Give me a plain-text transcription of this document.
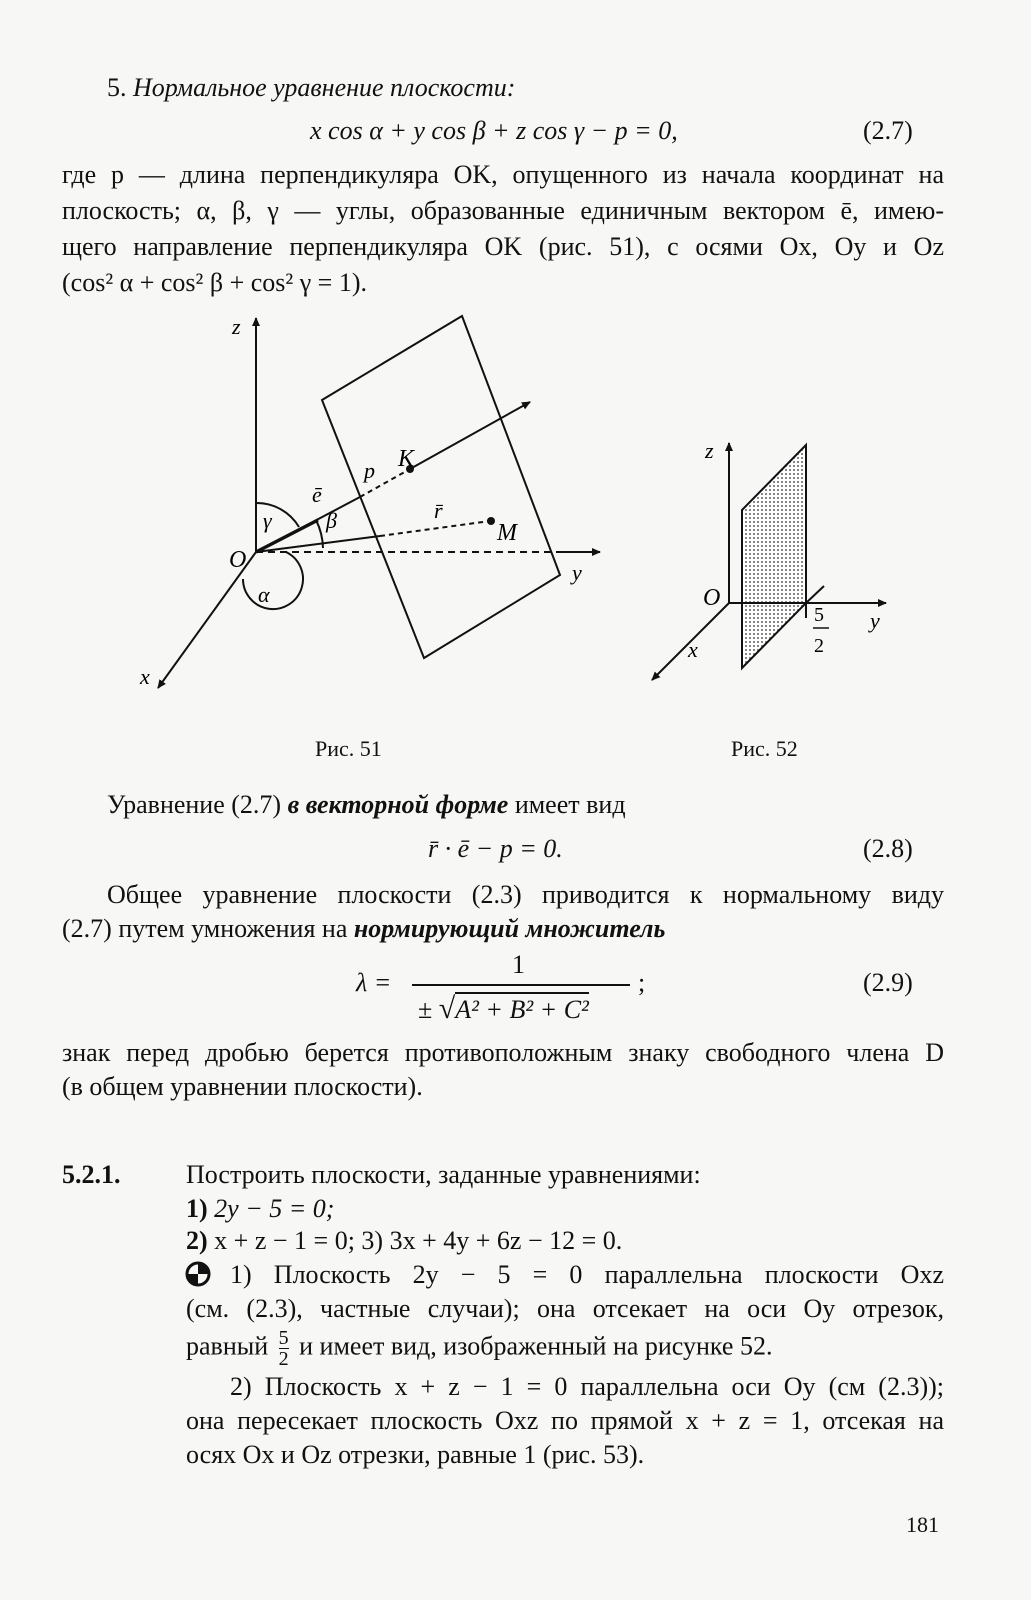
5. Нормальное уравнение плоскости:
x cos α + y cos β + z cos γ − p = 0,	(2.7)
где p — длина перпендикуляра OK, опущенного из начала координат на
плоскость; α, β, γ — углы, образованные единичным вектором ē, имею-
щего направление перпендикуляра OK (рис. 51), с осями Ox, Oy и Oz
(cos² α + cos² β + cos² γ = 1).
z
y
x
O
K
M
p
ē
r̄
γ β
α
z
y
x
O
5
2
Рис. 51	Рис. 52
Уравнение (2.7) в векторной форме имеет вид
r̄ · ē − p = 0.	(2.8)
Общее уравнение плоскости (2.3) приводится к нормальному виду
(2.7) путем умножения на нормирующий множитель
λ =
1
± √A² + B² + C²
;	(2.9)
знак перед дробью берется противоположным знаку свободного члена D
(в общем уравнении плоскости).
5.2.1.	Построить плоскости, заданные уравнениями:
1) 2y − 5 = 0;
2) x + z − 1 = 0; 3) 3x + 4y + 6z − 12 = 0.
1) Плоскость 2y − 5 = 0 параллельна плоскости Oxz
(см. (2.3), частные случаи); она отсекает на оси Oy отрезок,
равный $\frac{5}{2}$ и имеет вид, изображенный на рисунке 52.
2) Плоскость x + z − 1 = 0 параллельна оси Oy (см (2.3));
она пересекает плоскость Oxz по прямой x + z = 1, отсекая на
осях Ox и Oz отрезки, равные 1 (рис. 53).
181
